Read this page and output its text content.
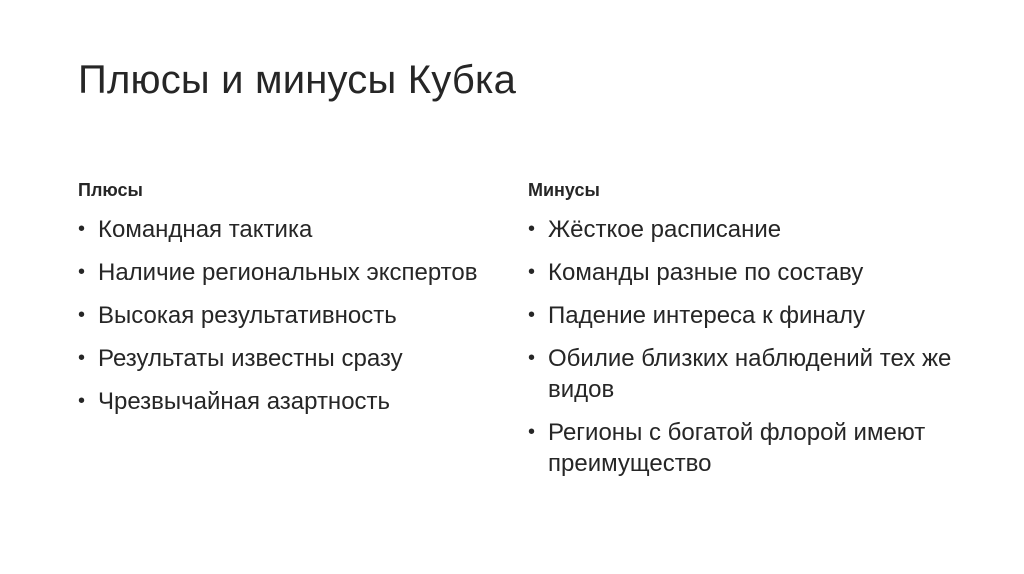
Плюсы и минусы Кубка
Плюсы
• Командная тактика
• Наличие региональных экспертов
• Высокая результативность
• Результаты известны сразу
• Чрезвычайная азартность
Минусы
• Жёсткое расписание
• Команды разные по составу
• Падение интереса к финалу
• Обилие близких наблюдений тех же видов
• Регионы с богатой флорой имеют преимущество
